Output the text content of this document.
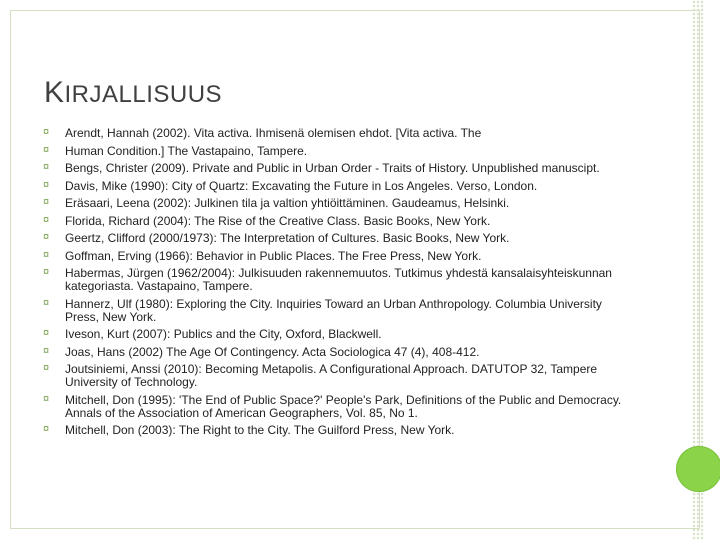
KIRJALLISUUS
¤ Arendt, Hannah (2002). Vita activa. Ihmisenä olemisen ehdot. [Vita activa. The
¤ Human Condition.] The Vastapaino, Tampere.
¤ Bengs, Christer (2009). Private and Public in Urban Order - Traits of History. Unpublished manuscipt.
¤ Davis, Mike (1990): City of Quartz: Excavating the Future in Los Angeles. Verso, London.
¤ Eräsaari, Leena (2002): Julkinen tila ja valtion yhtiöittäminen. Gaudeamus, Helsinki.
¤ Florida, Richard (2004): The Rise of the Creative Class. Basic Books, New York.
¤ Geertz, Clifford (2000/1973): The Interpretation of Cultures. Basic Books, New York.
¤ Goffman, Erving (1966): Behavior in Public Places. The Free Press, New York.
¤ Habermas, Jürgen (1962/2004): Julkisuuden rakennemuutos. Tutkimus yhdestä kansalaisyhteiskunnan kategoriasta. Vastapaino, Tampere.
¤ Hannerz, Ulf (1980): Exploring the City. Inquiries Toward an Urban Anthropology. Columbia University Press, New York.
¤ Iveson, Kurt (2007): Publics and the City, Oxford, Blackwell.
¤ Joas, Hans (2002) The Age Of Contingency. Acta Sociologica 47 (4), 408-412.
¤ Joutsiniemi, Anssi (2010): Becoming Metapolis. A Configurational Approach. DATUTOP 32, Tampere University of Technology.
¤ Mitchell, Don (1995): 'The End of Public Space?' People's Park, Definitions of the Public and Democracy. Annals of the Association of American Geographers, Vol. 85, No 1.
¤ Mitchell, Don (2003): The Right to the City. The Guilford Press, New York.
